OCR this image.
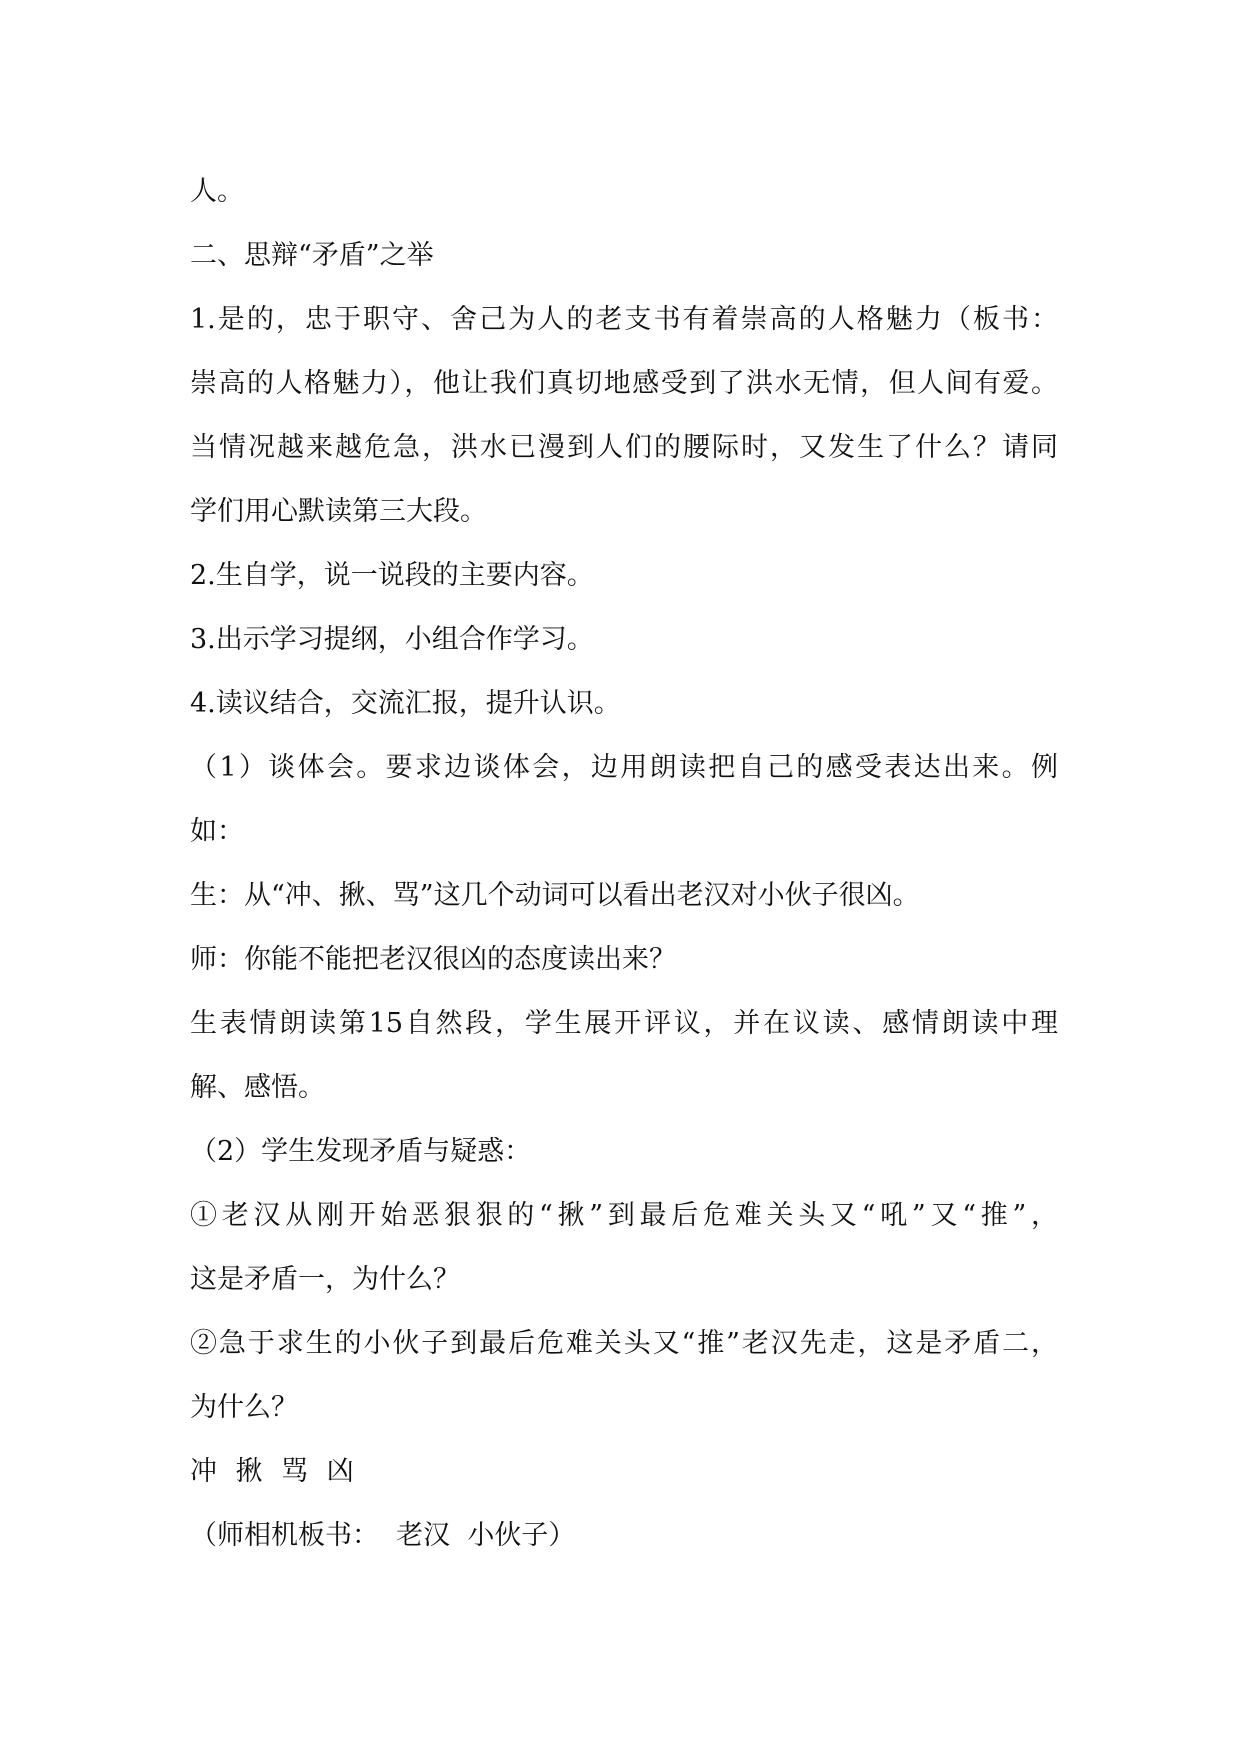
人。
二、思辩“矛盾”之举
1.是的，忠于职守、舍己为人的老支书有着崇高的人格魅力（板书：
崇高的人格魅力），他让我们真切地感受到了洪水无情，但人间有爱。
当情况越来越危急，洪水已漫到人们的腰际时，又发生了什么？请同
学们用心默读第三大段。
2.生自学，说一说段的主要内容。
3.出示学习提纲，小组合作学习。
4.读议结合，交流汇报，提升认识。
（1）谈体会。要求边谈体会，边用朗读把自己的感受表达出来。例
如：
生：从“冲、揪、骂”这几个动词可以看出老汉对小伙子很凶。
师：你能不能把老汉很凶的态度读出来？
生表情朗读第15自然段，学生展开评议，并在议读、感情朗读中理
解、感悟。
（2）学生发现矛盾与疑惑：
①老汉从刚开始恶狠狠的“揪”到最后危难关头又“吼”又“推”，
这是矛盾一，为什么？
②急于求生的小伙子到最后危难关头又“推”老汉先走，这是矛盾二，
为什么？
冲 揪 骂 凶
（师相机板书：  老汉  小伙子）
